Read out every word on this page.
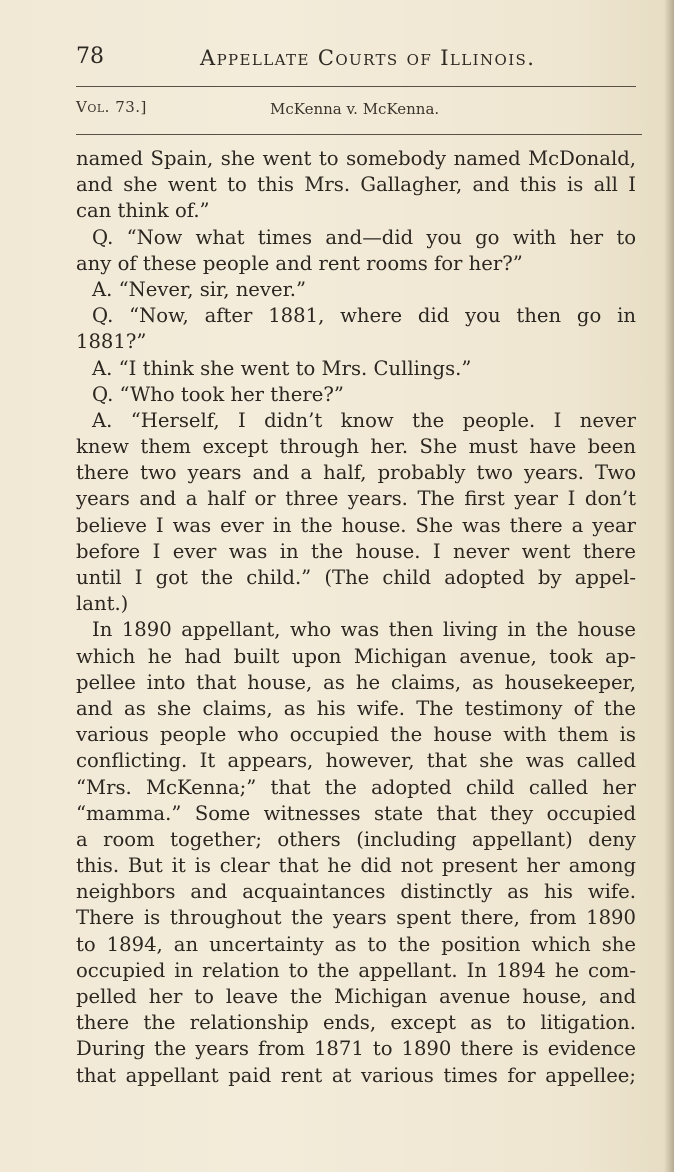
78	Appellate Courts of Illinois.
Vol. 73.]	McKenna v. McKenna.
named Spain, she went to somebody named McDonald,
and she went to this Mrs. Gallagher, and this is all I
can think of.”
Q. “Now what times and—did you go with her to
any of these people and rent rooms for her?”
A. “Never, sir, never.”
Q. “Now, after 1881, where did you then go in
1881?”
A. “I think she went to Mrs. Cullings.”
Q. “Who took her there?”
A. “Herself, I didn’t know the people. I never
knew them except through her. She must have been
there two years and a half, probably two years. Two
years and a half or three years. The first year I don’t
believe I was ever in the house. She was there a year
before I ever was in the house. I never went there
until I got the child.” (The child adopted by appel-
lant.)
In 1890 appellant, who was then living in the house
which he had built upon Michigan avenue, took ap-
pellee into that house, as he claims, as housekeeper,
and as she claims, as his wife. The testimony of the
various people who occupied the house with them is
conflicting. It appears, however, that she was called
“Mrs. McKenna;” that the adopted child called her
“mamma.” Some witnesses state that they occupied
a room together; others (including appellant) deny
this. But it is clear that he did not present her among
neighbors and acquaintances distinctly as his wife.
There is throughout the years spent there, from 1890
to 1894, an uncertainty as to the position which she
occupied in relation to the appellant. In 1894 he com-
pelled her to leave the Michigan avenue house, and
there the relationship ends, except as to litigation.
During the years from 1871 to 1890 there is evidence
that appellant paid rent at various times for appellee;
